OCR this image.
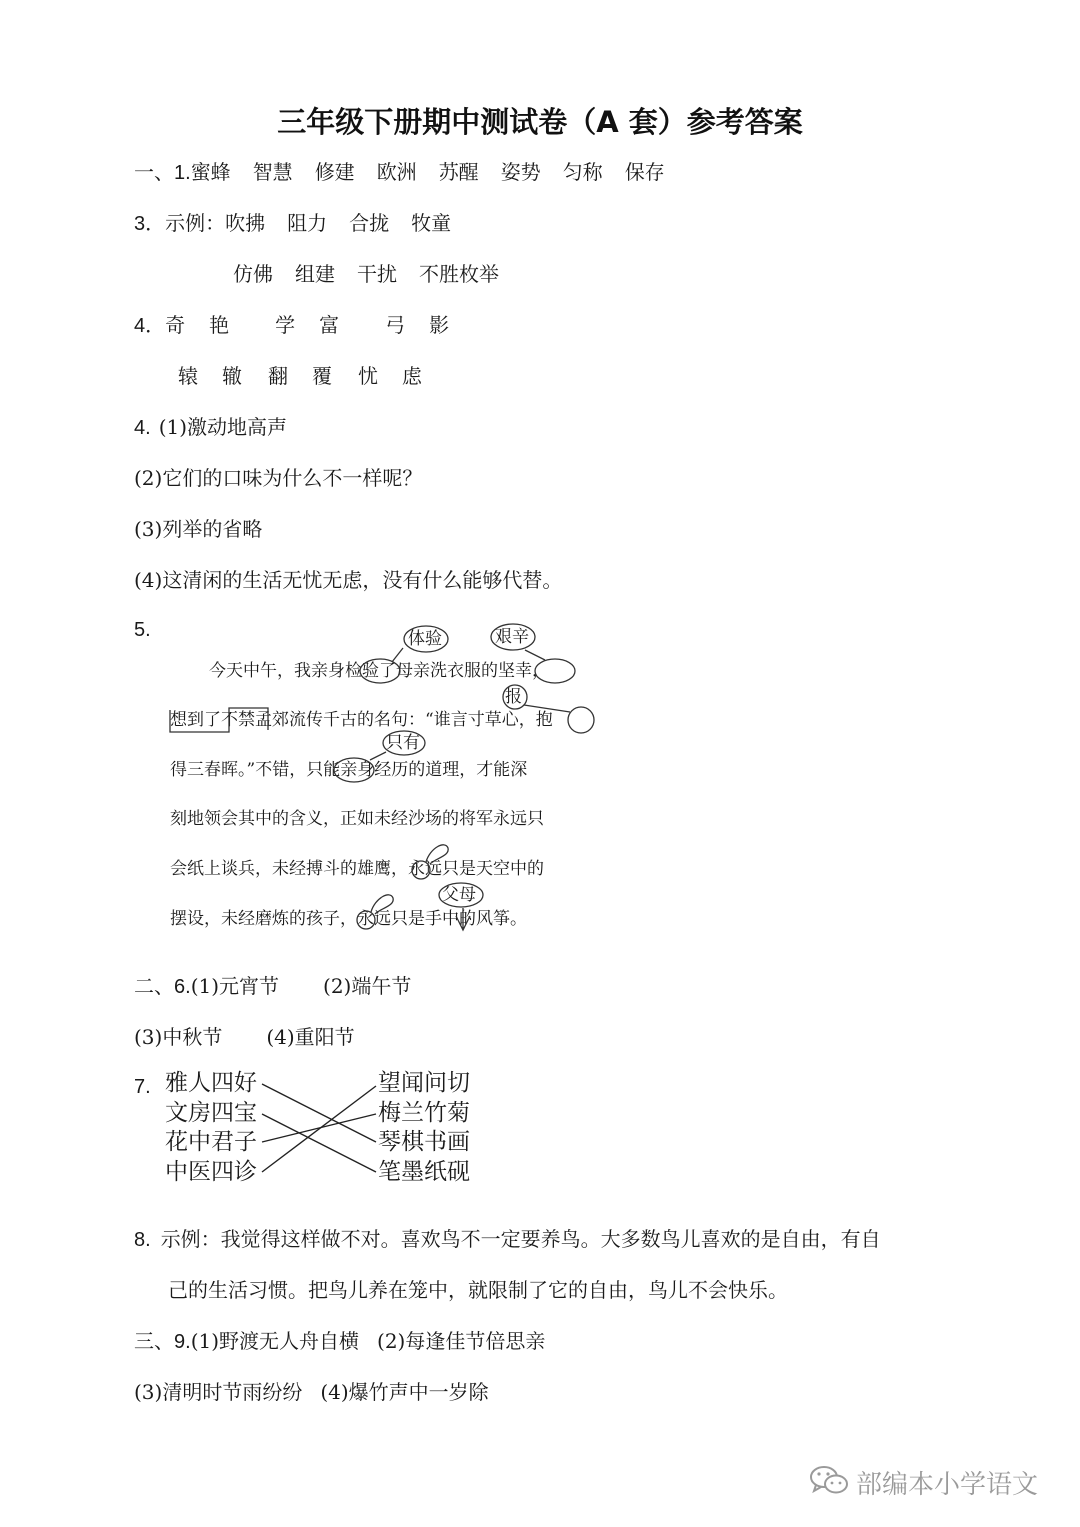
三年级下册期中测试卷（A 套）参考答案
一、1.蜜蜂 智慧 修建 欧洲 苏醒 姿势 匀称 保存
3．示例：吹拂 阻力 合拢 牧童
仿佛 组建 干扰 不胜枚举
4．奇 艳 学 富 弓 影
辕 辙 翻 覆 忧 虑
4. (1)激动地高声
(2)它们的口味为什么不一样呢？
(3)列举的省略
(4)这清闲的生活无忧无虑，没有什么能够代替。
5.
今天中午，我亲身检验了母亲洗衣服的坚幸，
想到了不禁孟郊流传千古的名句：“谁言寸草心，抱
得三春晖。”不错，只能亲身经历的道理，才能深
刻地领会其中的含义，正如未经沙场的将军永远只
会纸上谈兵，未经搏斗的雄鹰，永远只是天空中的
摆设，未经磨炼的孩子，永远只是手中的风筝。
体验	艰辛
报
只有
父母
二、6.(1)元宵节 (2)端午节
(3)中秋节 (4)重阳节
7. 雅人四好
文房四宝
花中君子
中医四诊
望闻问切
梅兰竹菊
琴棋书画
笔墨纸砚
8. 示例：我觉得这样做不对。喜欢鸟不一定要养鸟。大多数鸟儿喜欢的是自由，有自
己的生活习惯。把鸟儿养在笼中，就限制了它的自由，鸟儿不会快乐。
三、9.(1)野渡无人舟自横 (2)每逢佳节倍思亲
(3)清明时节雨纷纷 (4)爆竹声中一岁除
部编本小学语文
